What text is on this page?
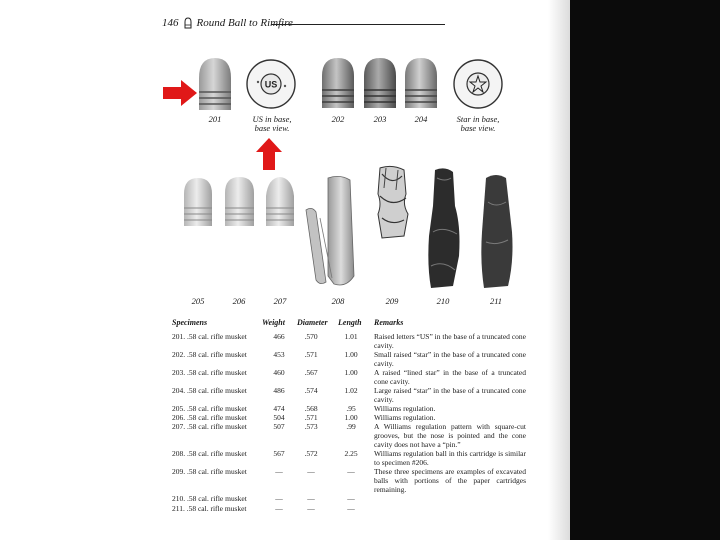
146 Round Ball to Rimfire
US
201	US in base, base view.
202	203	204	Star in base, base view.
205	206	207	208	209	210	211
Specimens	Weight Diameter Length Remarks
201. .58 cal. rifle musket	466	.570	1.01	Raised letters “US” in the base of a truncated cone cavity.
202. .58 cal. rifle musket	453	.571	1.00	Small raised “star” in the base of a truncated cone cavity.
203. .58 cal. rifle musket	460	.567	1.00	A raised “lined star” in the base of a truncated cone cavity.
204. .58 cal. rifle musket	486	.574	1.02	Large raised “star” in the base of a truncated cone cavity.
205. .58 cal. rifle musket	474	.568	.95	Williams regulation.
206. .58 cal. rifle musket	504	.571	1.00	Williams regulation.
207. .58 cal. rifle musket	507	.573	.99	A Williams regulation pattern with square-cut grooves, but the nose is pointed and the cone cavity does not have a “pin.”
208. .58 cal. rifle musket	567	.572	2.25	Williams regulation ball in this cartridge is similar to specimen #206.
209. .58 cal. rifle musket	—	—	—	These three specimens are examples of excavated balls with portions of the paper cartridges remaining.
210. .58 cal. rifle musket	—	—	—
211. .58 cal. rifle musket	—	—	—
